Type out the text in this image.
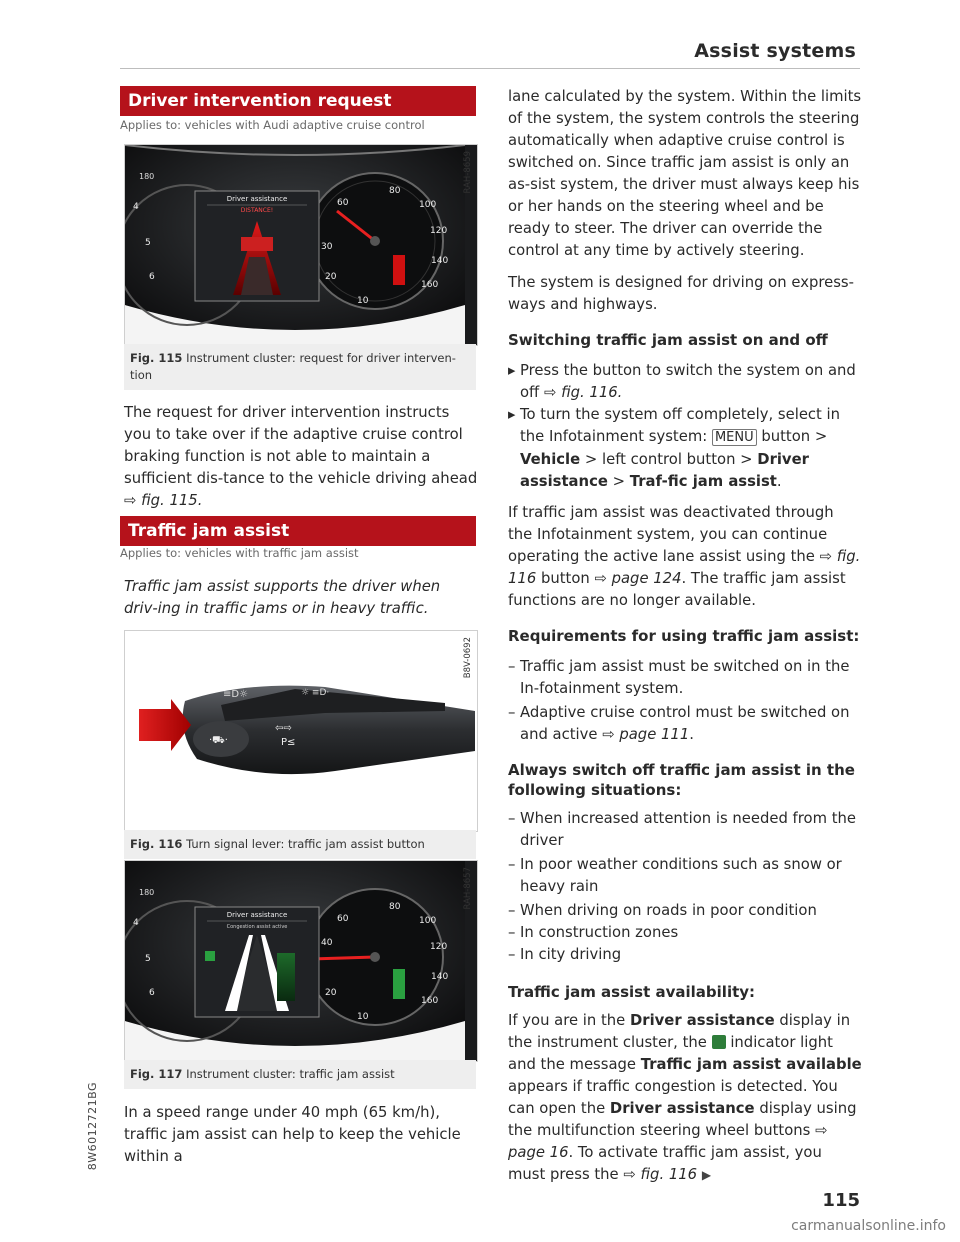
Assist systems
Driver intervention request
Applies to: vehicles with Audi adaptive cruise control
180
80
100
120
140
160
60
30
20
10
4
5
6
Driver assistance
DISTANCE!
RAH-8659
Fig. 115 Instrument cluster: request for driver interven-tion
The request for driver intervention instructs you to take over if the adaptive cruise control braking function is not able to maintain a sufficient dis-tance to the vehicle driving ahead ⇨ fig. 115.
Traffic jam assist
Applies to: vehicles with traffic jam assist
Traffic jam assist supports the driver when driv-ing in traffic jams or in heavy traffic.
≡D☼	☼ ≡D·
·⛟·
⇦⇨
P≤
B8V-0692
Fig. 116 Turn signal lever: traffic jam assist button
180
80
100
120
140
160
60
40
20
10
4
5
6
Driver assistance
Congestion assist active
RAH-8657
Fig. 117 Instrument cluster: traffic jam assist
In a speed range under 40 mph (65 km/h), traffic jam assist can help to keep the vehicle within a
lane calculated by the system. Within the limits of the system, the system controls the steering automatically when adaptive cruise control is switched on. Since traffic jam assist is only an as-sist system, the driver must always keep his or her hands on the steering wheel and be ready to steer. The driver can override the control at any time by actively steering.
The system is designed for driving on express-ways and highways.
Switching traffic jam assist on and off
▸ Press the button to switch the system on and off ⇨ fig. 116.
▸ To turn the system off completely, select in the Infotainment system: MENU button > Vehicle > left control button > Driver assistance > Traf-fic jam assist.
If traffic jam assist was deactivated through the Infotainment system, you can continue operating the active lane assist using the ⇨ fig. 116 button ⇨ page 124. The traffic jam assist functions are no longer available.
Requirements for using traffic jam assist:
– Traffic jam assist must be switched on in the In-fotainment system.
– Adaptive cruise control must be switched on and active ⇨ page 111.
Always switch off traffic jam assist in the following situations:
– When increased attention is needed from the driver
– In poor weather conditions such as snow or heavy rain
– When driving on roads in poor condition
– In construction zones
– In city driving
Traffic jam assist availability:
If you are in the Driver assistance display in the instrument cluster, the indicator light and the message Traffic jam assist available appears if traffic congestion is detected. You can open the Driver assistance display using the multifunction steering wheel buttons ⇨ page 16. To activate traffic jam assist, you must press the ⇨ fig. 116 ▶
8W6012721BG
115
carmanualsonline.info
